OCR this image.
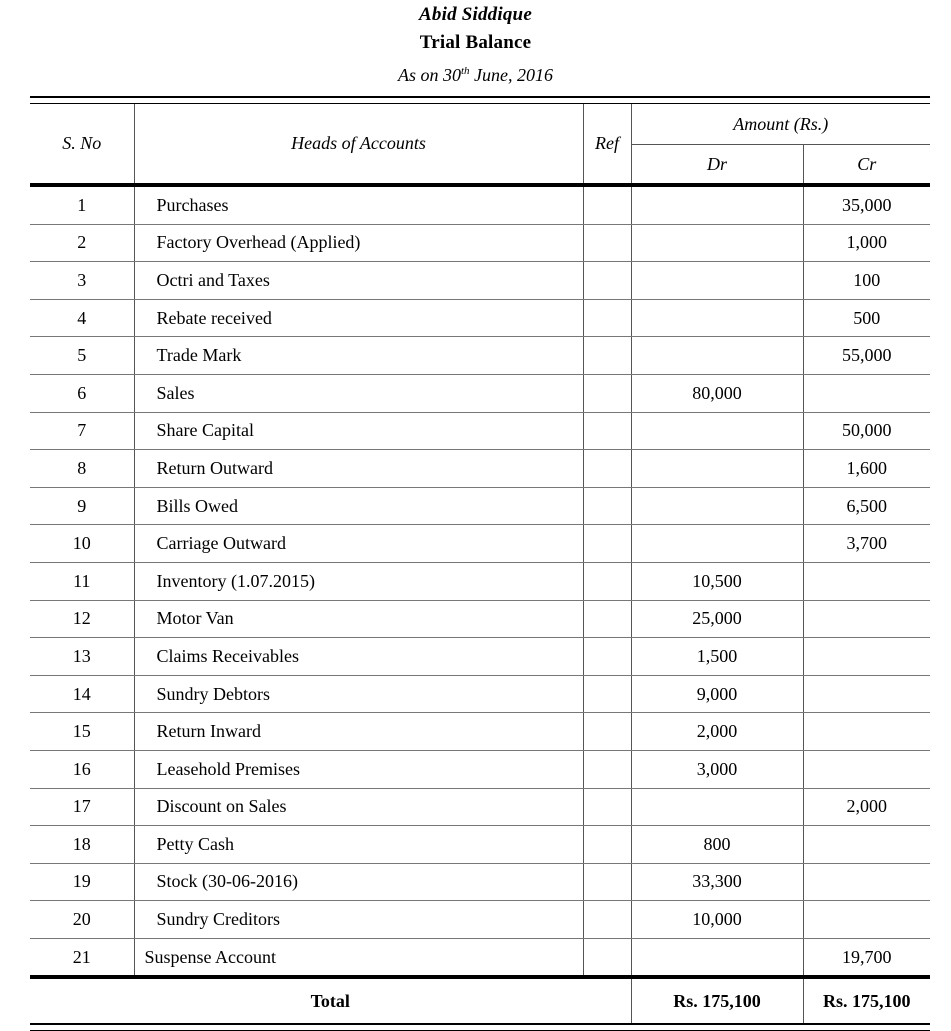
Abid Siddique
Trial Balance
As on 30th June, 2016
S. No	Heads of Accounts	Ref	Amount (Rs.)	
			Dr	Cr

1	Purchases			35,000
2	Factory Overhead (Applied)			1,000
3	Octri and Taxes			100
4	Rebate received			500
5	Trade Mark			55,000
6	Sales		80,000	
7	Share Capital			50,000
8	Return Outward			1,600
9	Bills Owed			6,500
10	Carriage Outward			3,700
11	Inventory (1.07.2015)		10,500	
12	Motor Van		25,000	
13	Claims Receivables		1,500	
14	Sundry Debtors		9,000	
15	Return Inward		2,000	
16	Leasehold Premises		3,000	
17	Discount on Sales			2,000
18	Petty Cash		800	
19	Stock (30-06-2016)		33,300	
20	Sundry Creditors		10,000	
21	Suspense Account			19,700
Total			Rs. 175,100	Rs. 175,100
